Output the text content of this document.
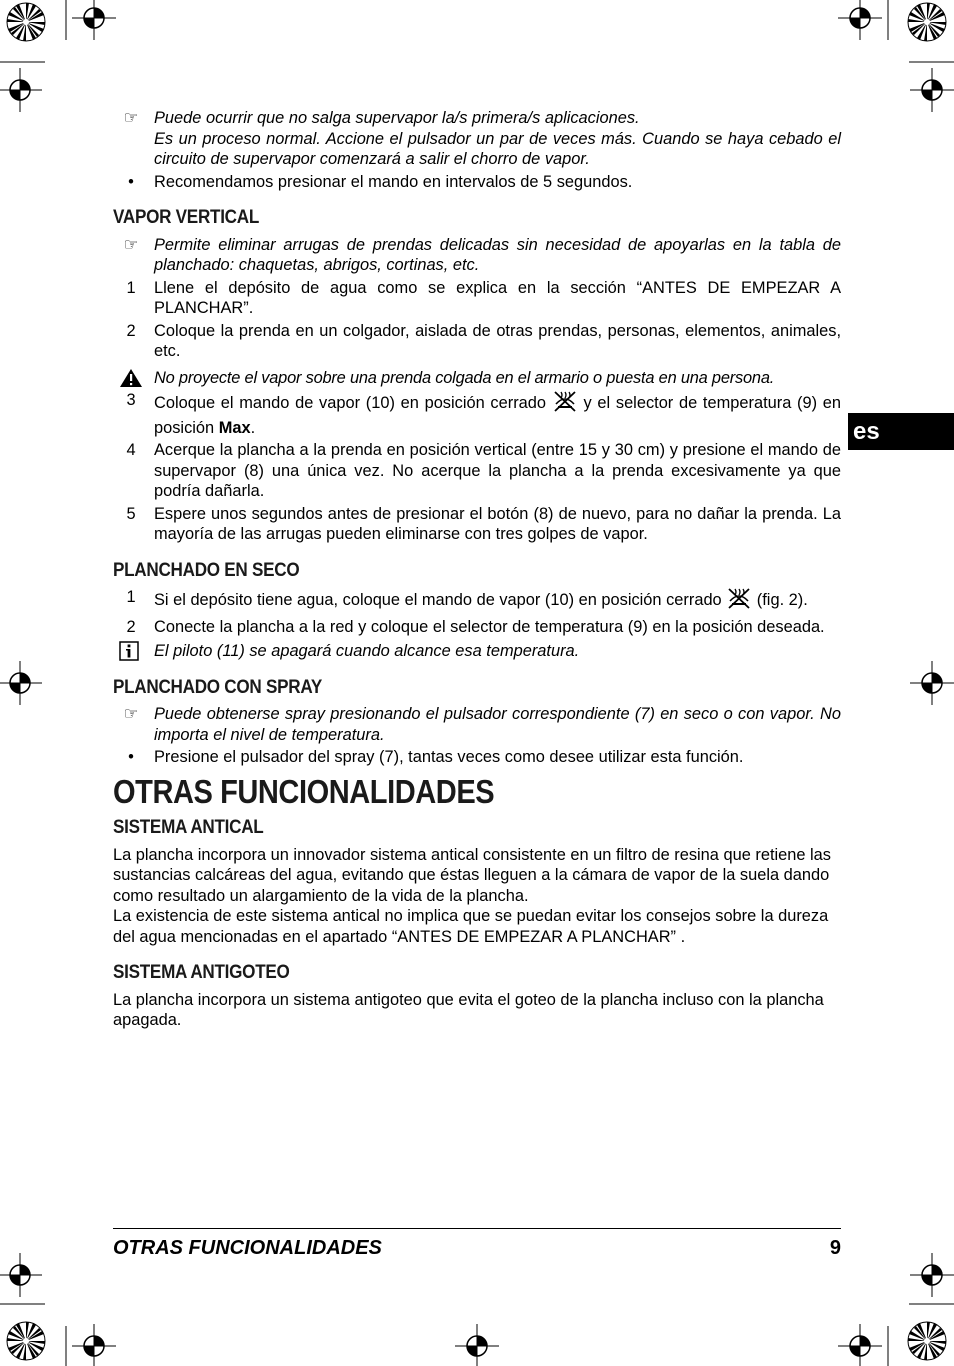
es
☞ Puede ocurrir que no salga supervapor la/s primera/s aplicaciones.
Es un proceso normal. Accione el pulsador un par de veces más. Cuando se haya cebado el circuito de supervapor comenzará a salir el chorro de vapor.
•	Recomendamos presionar el mando en intervalos de 5 segundos.
VAPOR VERTICAL
☞ Permite eliminar arrugas de prendas delicadas sin necesidad de apoyarlas en la tabla de planchado: chaquetas, abrigos, cortinas, etc.
1	Llene el depósito de agua como se explica en la sección “ANTES DE EMPEZAR A PLANCHAR”.
2	Coloque la prenda en un colgador, aislada de otras prendas, personas, elementos, animales, etc.
No proyecte el vapor sobre una prenda colgada en el armario o puesta en una persona.
3	Coloque el mando de vapor (10) en posición cerrado y el selector de temperatura (9) en posición Max.
4	Acerque la plancha a la prenda en posición vertical (entre 15 y 30 cm) y presione el mando de supervapor (8) una única vez. No acerque la plancha a la prenda excesivamente ya que podría dañarla.
5	Espere unos segundos antes de presionar el botón (8) de nuevo, para no dañar la prenda. La mayoría de las arrugas pueden eliminarse con tres golpes de vapor.
PLANCHADO EN SECO
1	Si el depósito tiene agua, coloque el mando de vapor (10) en posición cerrado (fig. 2).
2	Conecte la plancha a la red y coloque el selector de temperatura (9) en la posición deseada.
El piloto (11) se apagará cuando alcance esa temperatura.
PLANCHADO CON SPRAY
☞ Puede obtenerse spray presionando el pulsador correspondiente (7) en seco o con vapor. No importa el nivel de temperatura.
•	Presione el pulsador del spray (7), tantas veces como desee utilizar esta función.
OTRAS FUNCIONALIDADES
SISTEMA ANTICAL

La plancha incorpora un innovador sistema antical consistente en un filtro de resina que retiene las sustancias calcáreas del agua, evitando que éstas lleguen a la cámara de vapor de la suela dando como resultado un alargamiento de la vida de la plancha.

La existencia de este sistema antical no implica que se puedan evitar los consejos sobre la dureza del agua mencionadas en el apartado “ANTES DE EMPEZAR A PLANCHAR” .

SISTEMA ANTIGOTEO

La plancha incorpora un sistema antigoteo que evita el goteo de la plancha incluso con la plancha apagada.

OTRAS FUNCIONALIDADES	9
